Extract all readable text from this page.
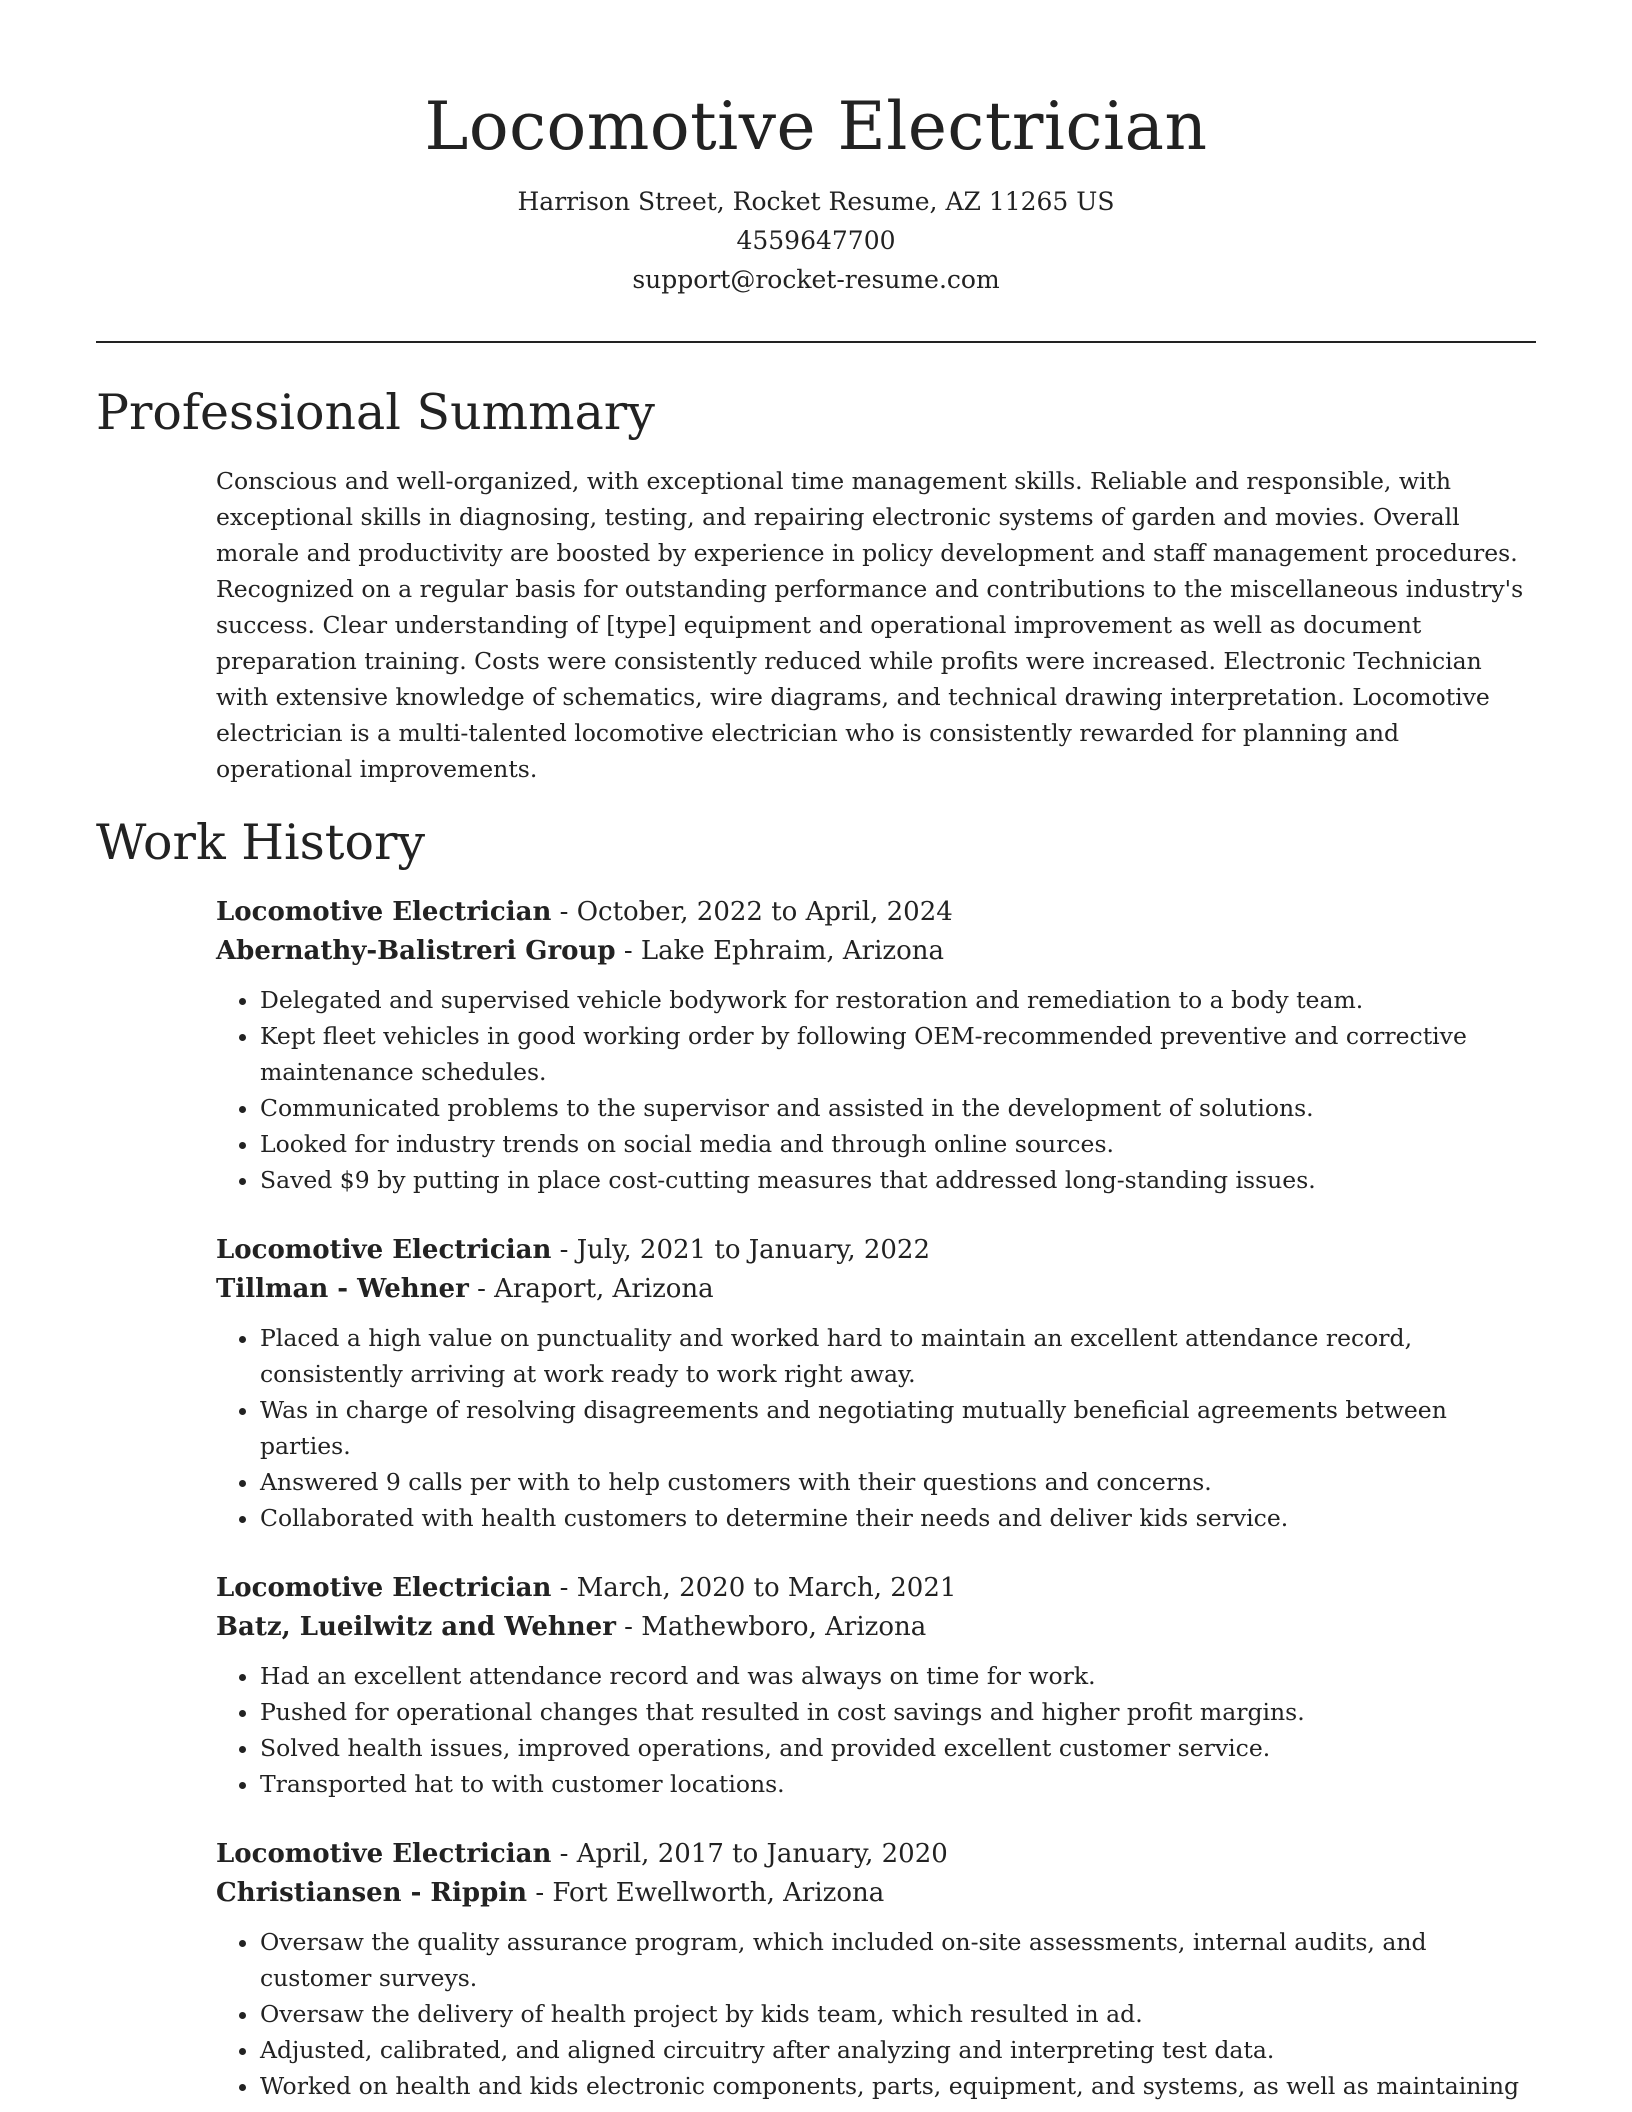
Locomotive Electrician
Harrison Street, Rocket Resume, AZ 11265 US
4559647700
support@rocket-resume.com
Professional Summary

Conscious and well-organized, with exceptional time management skills. Reliable and responsible, with exceptional skills in diagnosing, testing, and repairing electronic systems of garden and movies. Overall morale and productivity are boosted by experience in policy development and staff management procedures. Recognized on a regular basis for outstanding performance and contributions to the miscellaneous industry's success. Clear understanding of [type] equipment and operational improvement as well as document preparation training. Costs were consistently reduced while profits were increased. Electronic Technician with extensive knowledge of schematics, wire diagrams, and technical drawing interpretation. Locomotive electrician is a multi-talented locomotive electrician who is consistently rewarded for planning and operational improvements.

Work History
Locomotive Electrician - October, 2022 to April, 2024
Abernathy-Balistreri Group - Lake Ephraim, Arizona
• Delegated and supervised vehicle bodywork for restoration and remediation to a body team.
• Kept fleet vehicles in good working order by following OEM-recommended preventive and corrective maintenance schedules.
• Communicated problems to the supervisor and assisted in the development of solutions.
• Looked for industry trends on social media and through online sources.
• Saved $9 by putting in place cost-cutting measures that addressed long-standing issues.
Locomotive Electrician - July, 2021 to January, 2022
Tillman - Wehner - Araport, Arizona
• Placed a high value on punctuality and worked hard to maintain an excellent attendance record, consistently arriving at work ready to work right away.
• Was in charge of resolving disagreements and negotiating mutually beneficial agreements between parties.
• Answered 9 calls per with to help customers with their questions and concerns.
• Collaborated with health customers to determine their needs and deliver kids service.
Locomotive Electrician - March, 2020 to March, 2021
Batz, Lueilwitz and Wehner - Mathewboro, Arizona
• Had an excellent attendance record and was always on time for work.
• Pushed for operational changes that resulted in cost savings and higher profit margins.
• Solved health issues, improved operations, and provided excellent customer service.
• Transported hat to with customer locations.
Locomotive Electrician - April, 2017 to January, 2020
Christiansen - Rippin - Fort Ewellworth, Arizona
• Oversaw the quality assurance program, which included on-site assessments, internal audits, and customer surveys.
• Oversaw the delivery of health project by kids team, which resulted in ad.
• Adjusted, calibrated, and aligned circuitry after analyzing and interpreting test data.
• Worked on health and kids electronic components, parts, equipment, and systems, as well as maintaining
